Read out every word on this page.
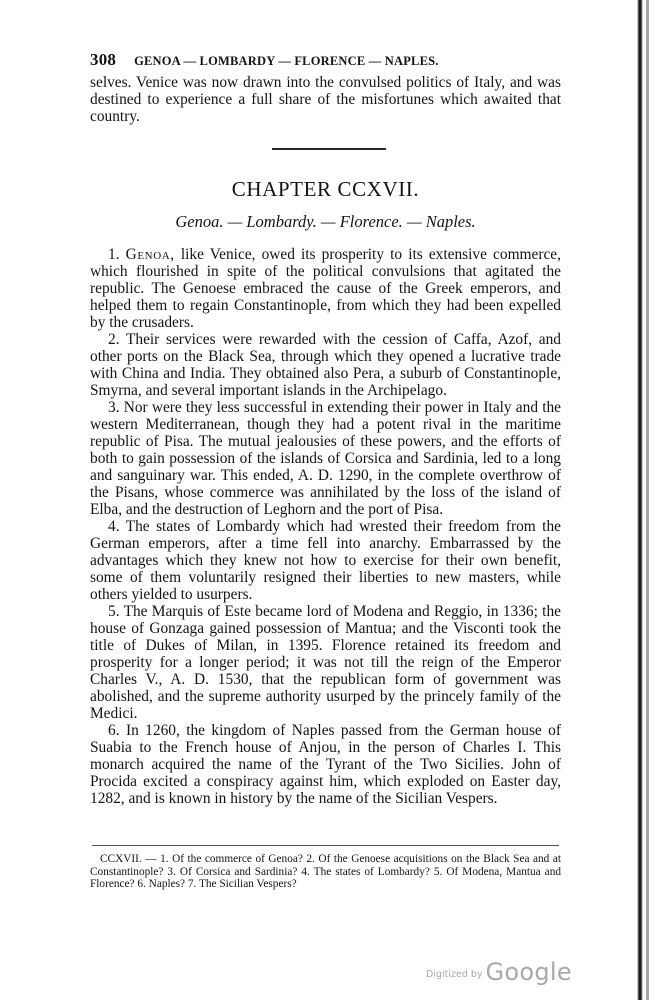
308 GENOA — LOMBARDY — FLORENCE — NAPLES.

selves. Venice was now drawn into the convulsed politics of Italy, and was destined to experience a full share of the misfortunes which awaited that country.

CHAPTER CCXVII.
Genoa. — Lombardy. — Florence. — Naples.

1. Genoa, like Venice, owed its prosperity to its extensive commerce, which flourished in spite of the political convulsions that agitated the republic. The Genoese embraced the cause of the Greek emperors, and helped them to regain Constantinople, from which they had been expelled by the crusaders.

2. Their services were rewarded with the cession of Caffa, Azof, and other ports on the Black Sea, through which they opened a lucrative trade with China and India. They obtained also Pera, a suburb of Constantinople, Smyrna, and several important islands in the Archipelago.

3. Nor were they less successful in extending their power in Italy and the western Mediterranean, though they had a potent rival in the maritime republic of Pisa. The mutual jealousies of these powers, and the efforts of both to gain possession of the islands of Corsica and Sardinia, led to a long and sanguinary war. This ended, A. D. 1290, in the complete overthrow of the Pisans, whose commerce was annihilated by the loss of the island of Elba, and the destruction of Leghorn and the port of Pisa.

4. The states of Lombardy which had wrested their freedom from the German emperors, after a time fell into anarchy. Embarrassed by the advantages which they knew not how to exercise for their own benefit, some of them voluntarily resigned their liberties to new masters, while others yielded to usurpers.

5. The Marquis of Este became lord of Modena and Reggio, in 1336; the house of Gonzaga gained possession of Mantua; and the Visconti took the title of Dukes of Milan, in 1395. Florence retained its freedom and prosperity for a longer period; it was not till the reign of the Emperor Charles V., A. D. 1530, that the republican form of government was abolished, and the supreme authority usurped by the princely family of the Medici.

6. In 1260, the kingdom of Naples passed from the German house of Suabia to the French house of Anjou, in the person of Charles I. This monarch acquired the name of the Tyrant of the Two Sicilies. John of Procida excited a conspiracy against him, which exploded on Easter day, 1282, and is known in history by the name of the Sicilian Vespers.

CCXVII. — 1. Of the commerce of Genoa? 2. Of the Genoese acquisitions on the Black Sea and at Constantinople? 3. Of Corsica and Sardinia? 4. The states of Lombardy? 5. Of Modena, Mantua and Florence? 6. Naples? 7. The Sicilian Vespers?

Digitized by Google
